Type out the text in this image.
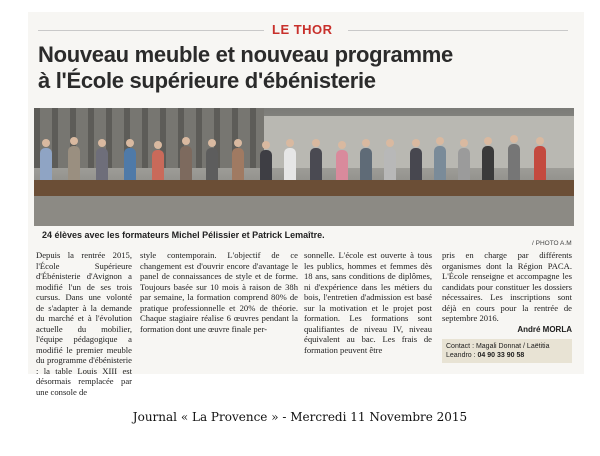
LE THOR
Nouveau meuble et nouveau programme
à l'École supérieure d'ébénisterie
24 élèves avec les formateurs Michel Pélissier et Patrick Lemaître.
/ PHOTO A.M

Depuis la rentrée 2015, l'École Supérieure d'Ébénisterie d'Avignon a modifié l'un de ses trois cursus. Dans une volonté de s'adapter à la demande du marché et à l'évolution actuelle du mobilier, l'équipe pédagogique a modifié le premier meuble du programme d'ébénisterie : la table Louis XIII est désormais remplacée par une console de

style contemporain. L'objectif de ce changement est d'ouvrir encore d'avantage le panel de connaissances de style et de forme. Toujours basée sur 10 mois à raison de 38h par semaine, la formation comprend 80% de pratique professionnelle et 20% de théorie. Chaque stagiaire réalise 6 œuvres pendant la formation dont une œuvre finale per-

sonnelle. L'école est ouverte à tous les publics, hommes et femmes dès 18 ans, sans conditions de diplômes, ni d'expérience dans les métiers du bois, l'entretien d'admission est basé sur la motivation et le projet post formation. Les formations sont qualifiantes de niveau IV, niveau équivalent au bac. Les frais de formation peuvent être

pris en charge par différents organismes dont la Région PACA. L'École renseigne et accompagne les candidats pour constituer les dossiers nécessaires. Les inscriptions sont déjà en cours pour la rentrée de septembre 2016.

André MORLA
Contact : Magali Donnat / Laëtitia
Leandro : 04 90 33 90 58
Journal « La Provence » - Mercredi 11 Novembre 2015
